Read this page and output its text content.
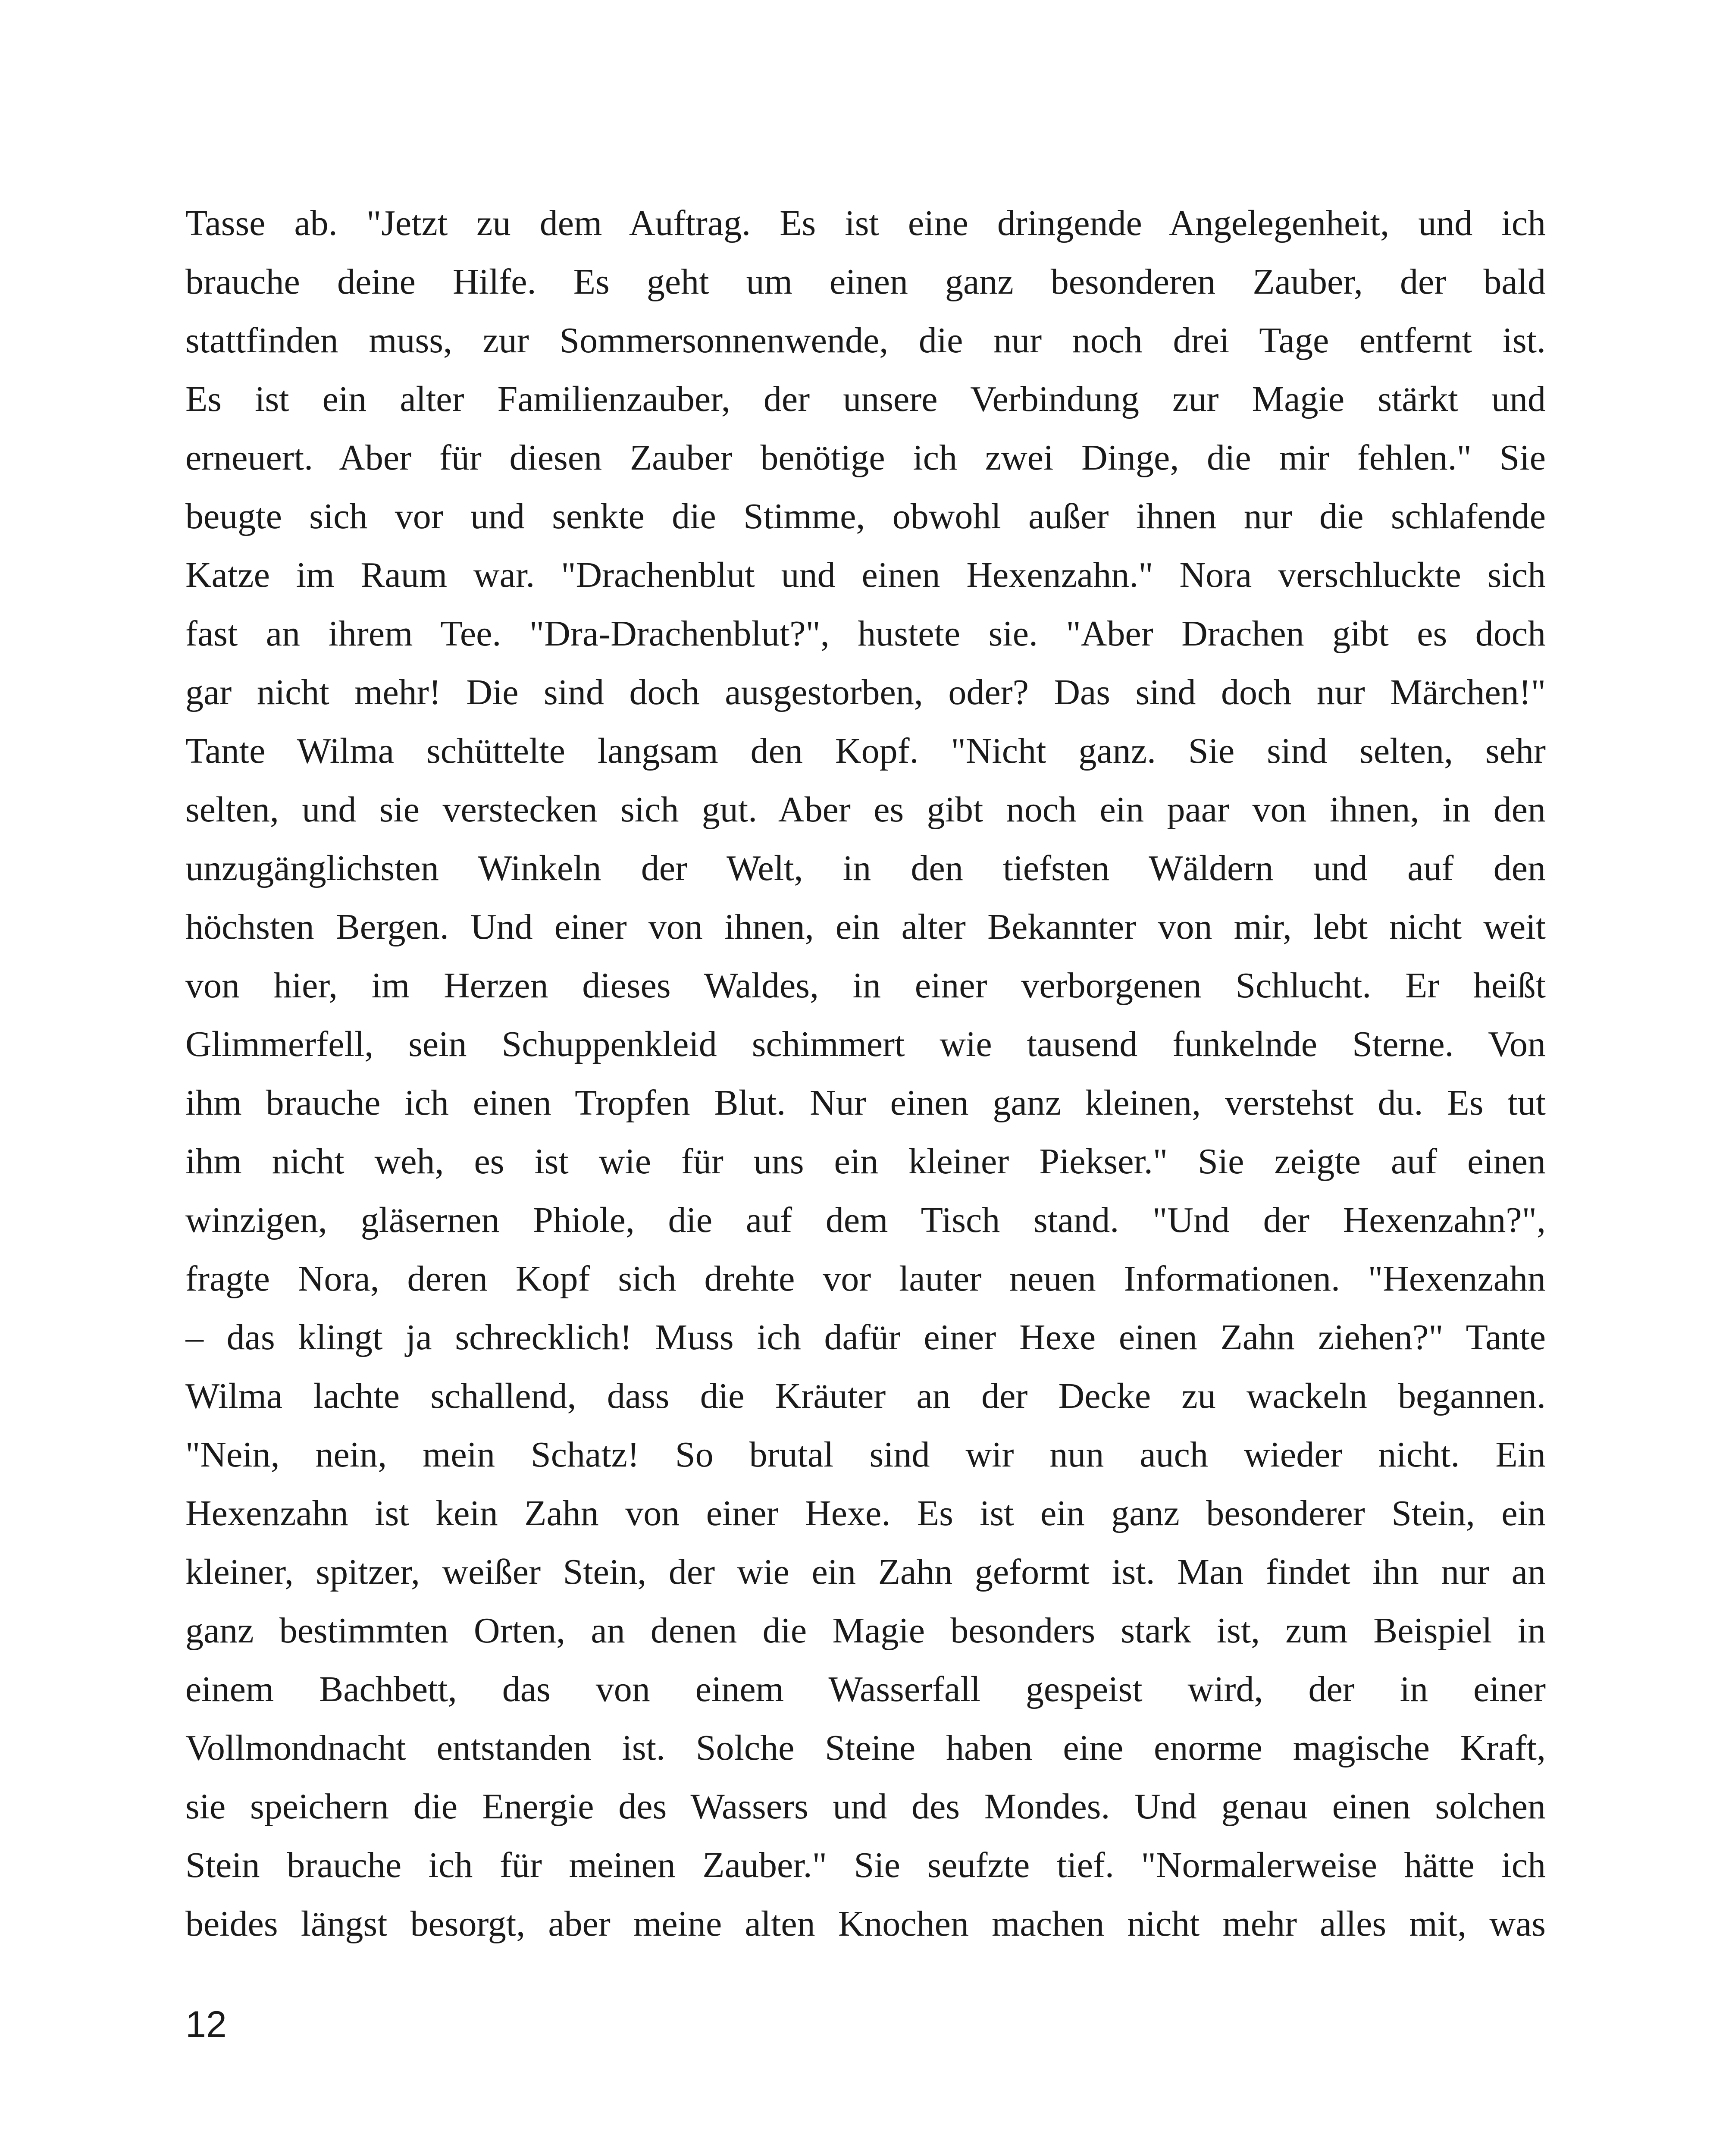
Tasse ab. "Jetzt zu dem Auftrag. Es ist eine dringende Angelegenheit, und ich
brauche deine Hilfe. Es geht um einen ganz besonderen Zauber, der bald
stattfinden muss, zur Sommersonnenwende, die nur noch drei Tage entfernt ist.
Es ist ein alter Familienzauber, der unsere Verbindung zur Magie stärkt und
erneuert. Aber für diesen Zauber benötige ich zwei Dinge, die mir fehlen." Sie
beugte sich vor und senkte die Stimme, obwohl außer ihnen nur die schlafende
Katze im Raum war. "Drachenblut und einen Hexenzahn." Nora verschluckte sich
fast an ihrem Tee. "Dra-Drachenblut?", hustete sie. "Aber Drachen gibt es doch
gar nicht mehr! Die sind doch ausgestorben, oder? Das sind doch nur Märchen!"
Tante Wilma schüttelte langsam den Kopf. "Nicht ganz. Sie sind selten, sehr
selten, und sie verstecken sich gut. Aber es gibt noch ein paar von ihnen, in den
unzugänglichsten Winkeln der Welt, in den tiefsten Wäldern und auf den
höchsten Bergen. Und einer von ihnen, ein alter Bekannter von mir, lebt nicht weit
von hier, im Herzen dieses Waldes, in einer verborgenen Schlucht. Er heißt
Glimmerfell, sein Schuppenkleid schimmert wie tausend funkelnde Sterne. Von
ihm brauche ich einen Tropfen Blut. Nur einen ganz kleinen, verstehst du. Es tut
ihm nicht weh, es ist wie für uns ein kleiner Piekser." Sie zeigte auf einen
winzigen, gläsernen Phiole, die auf dem Tisch stand. "Und der Hexenzahn?",
fragte Nora, deren Kopf sich drehte vor lauter neuen Informationen. "Hexenzahn
– das klingt ja schrecklich! Muss ich dafür einer Hexe einen Zahn ziehen?" Tante
Wilma lachte schallend, dass die Kräuter an der Decke zu wackeln begannen.
"Nein, nein, mein Schatz! So brutal sind wir nun auch wieder nicht. Ein
Hexenzahn ist kein Zahn von einer Hexe. Es ist ein ganz besonderer Stein, ein
kleiner, spitzer, weißer Stein, der wie ein Zahn geformt ist. Man findet ihn nur an
ganz bestimmten Orten, an denen die Magie besonders stark ist, zum Beispiel in
einem Bachbett, das von einem Wasserfall gespeist wird, der in einer
Vollmondnacht entstanden ist. Solche Steine haben eine enorme magische Kraft,
sie speichern die Energie des Wassers und des Mondes. Und genau einen solchen
Stein brauche ich für meinen Zauber." Sie seufzte tief. "Normalerweise hätte ich
beides längst besorgt, aber meine alten Knochen machen nicht mehr alles mit, was
12
